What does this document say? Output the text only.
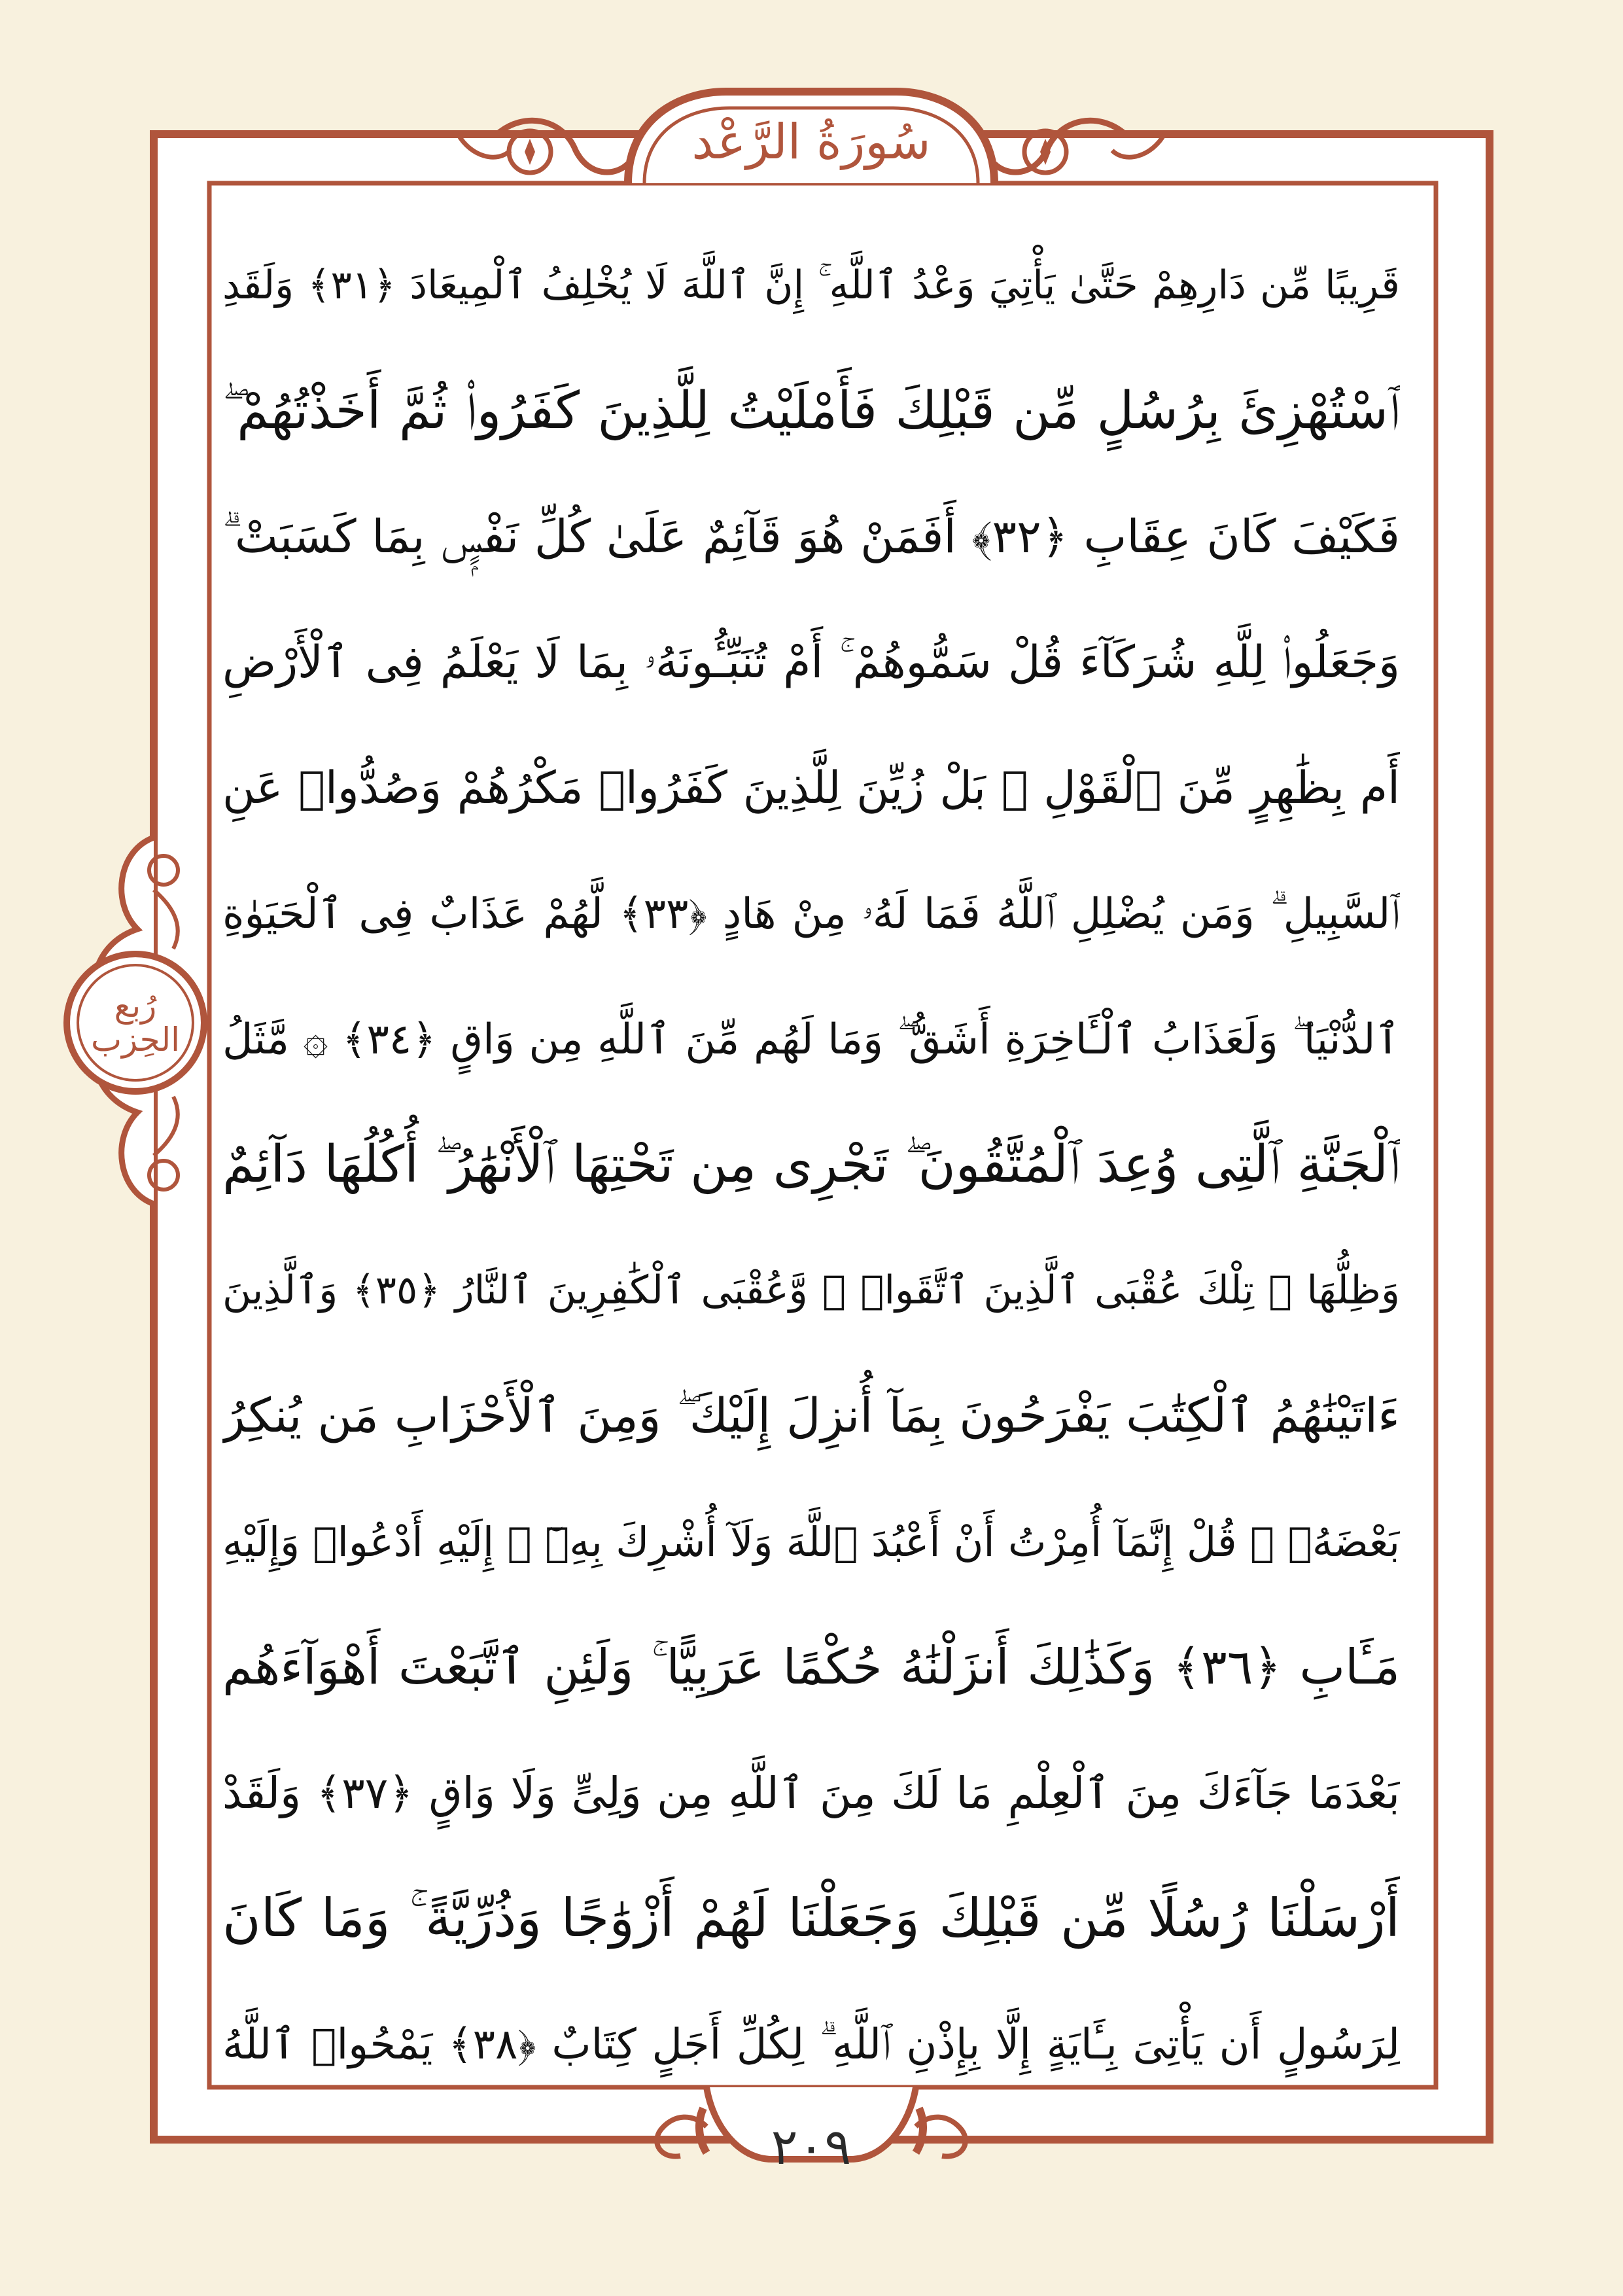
سُورَةُ الرَّعْد
رُبع
الحِزب
قَرِيبًا مِّن دَارِهِمْ حَتَّىٰ يَأْتِيَ وَعْدُ ٱللَّهِ ۚ إِنَّ ٱللَّهَ لَا يُخْلِفُ ٱلْمِيعَادَ ﴿٣١﴾ وَلَقَدِ
ٱسْتُهْزِئَ بِرُسُلٍ مِّن قَبْلِكَ فَأَمْلَيْتُ لِلَّذِينَ كَفَرُوا۟ ثُمَّ أَخَذْتُهُمْ ۖ
فَكَيْفَ كَانَ عِقَابِ ﴿٣٢﴾ أَفَمَنْ هُوَ قَآئِمٌ عَلَىٰ كُلِّ نَفْسٍۭ بِمَا كَسَبَتْ ۗ
وَجَعَلُوا۟ لِلَّهِ شُرَكَآءَ قُلْ سَمُّوهُمْ ۚ أَمْ تُنَبِّـُٔونَهُۥ بِمَا لَا يَعْلَمُ فِى ٱلْأَرْضِ
أَم بِظَٰهِرٍ مِّنَ ٱلْقَوْلِ ۗ بَلْ زُيِّنَ لِلَّذِينَ كَفَرُوا۟ مَكْرُهُمْ وَصُدُّوا۟ عَنِ
ٱلسَّبِيلِ ۗ وَمَن يُضْلِلِ ٱللَّهُ فَمَا لَهُۥ مِنْ هَادٍ ﴿٣٣﴾ لَّهُمْ عَذَابٌ فِى ٱلْحَيَوٰةِ
ٱلدُّنْيَا ۖ وَلَعَذَابُ ٱلْـَٔاخِرَةِ أَشَقُّ ۖ وَمَا لَهُم مِّنَ ٱللَّهِ مِن وَاقٍ ﴿٣٤﴾ ۞ مَّثَلُ
ٱلْجَنَّةِ ٱلَّتِى وُعِدَ ٱلْمُتَّقُونَ ۖ تَجْرِى مِن تَحْتِهَا ٱلْأَنْهَٰرُ ۖ أُكُلُهَا دَآئِمٌ
وَظِلُّهَا ۚ تِلْكَ عُقْبَى ٱلَّذِينَ ٱتَّقَوا۟ ۖ وَّعُقْبَى ٱلْكَٰفِرِينَ ٱلنَّارُ ﴿٣٥﴾ وَٱلَّذِينَ
ءَاتَيْنَٰهُمُ ٱلْكِتَٰبَ يَفْرَحُونَ بِمَآ أُنزِلَ إِلَيْكَ ۖ وَمِنَ ٱلْأَحْزَابِ مَن يُنكِرُ
بَعْضَهُۥ ۚ قُلْ إِنَّمَآ أُمِرْتُ أَنْ أَعْبُدَ ٱللَّهَ وَلَآ أُشْرِكَ بِهِۦٓ ۚ إِلَيْهِ أَدْعُوا۟ وَإِلَيْهِ
مَـَٔابِ ﴿٣٦﴾ وَكَذَٰلِكَ أَنزَلْنَٰهُ حُكْمًا عَرَبِيًّا ۚ وَلَئِنِ ٱتَّبَعْتَ أَهْوَآءَهُم
بَعْدَمَا جَآءَكَ مِنَ ٱلْعِلْمِ مَا لَكَ مِنَ ٱللَّهِ مِن وَلِىٍّ وَلَا وَاقٍ ﴿٣٧﴾ وَلَقَدْ
أَرْسَلْنَا رُسُلًا مِّن قَبْلِكَ وَجَعَلْنَا لَهُمْ أَزْوَٰجًا وَذُرِّيَّةً ۚ وَمَا كَانَ
لِرَسُولٍ أَن يَأْتِىَ بِـَٔايَةٍ إِلَّا بِإِذْنِ ٱللَّهِ ۗ لِكُلِّ أَجَلٍ كِتَابٌ ﴿٣٨﴾ يَمْحُوا۟ ٱللَّهُ
٢٠٩
